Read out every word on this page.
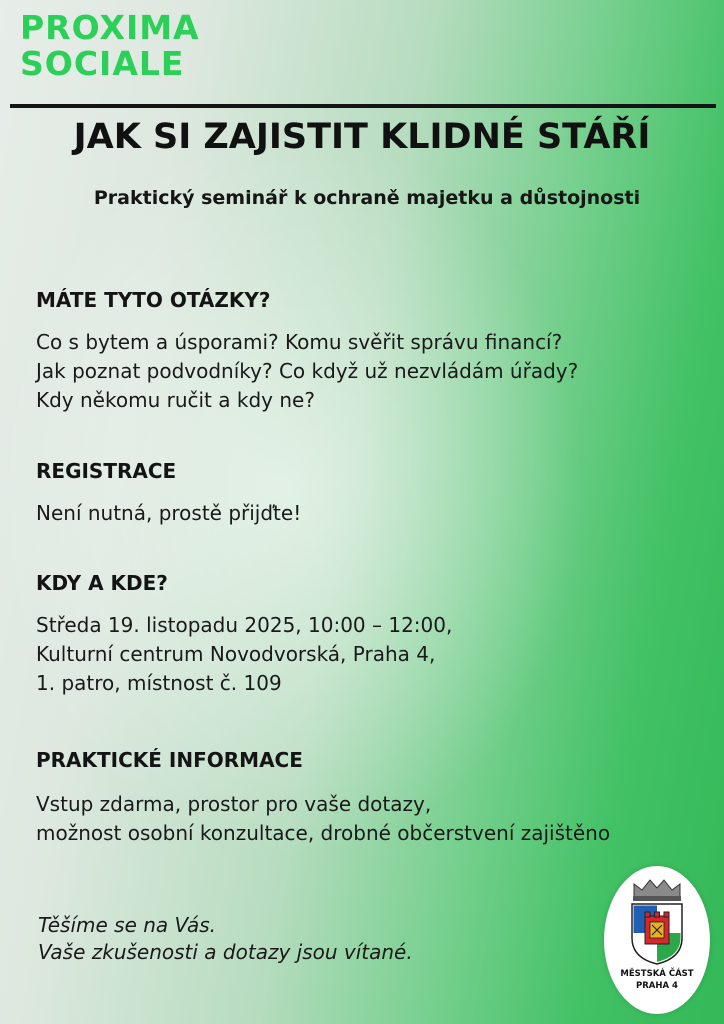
PROXIMA
SOCIALE
JAK SI ZAJISTIT KLIDNÉ STÁŘÍ

Praktický seminář k ochraně majetku a důstojnosti

MÁTE TYTO OTÁZKY?

Co s bytem a úsporami? Komu svěřit správu financí?
Jak poznat podvodníky? Co když už nezvládám úřady?
Kdy někomu ručit a kdy ne?

REGISTRACE

Není nutná, prostě přijďte!

KDY A KDE?

Středa 19. listopadu 2025, 10:00 – 12:00,
Kulturní centrum Novodvorská, Praha 4,
1. patro, místnost č. 109

PRAKTICKÉ INFORMACE

Vstup zdarma, prostor pro vaše dotazy,
možnost osobní konzultace, drobné občerstvení zajištěno

Těšíme se na Vás.
Vaše zkušenosti a dotazy jsou vítané.

MĚSTSKÁ ČÁST
PRAHA 4
